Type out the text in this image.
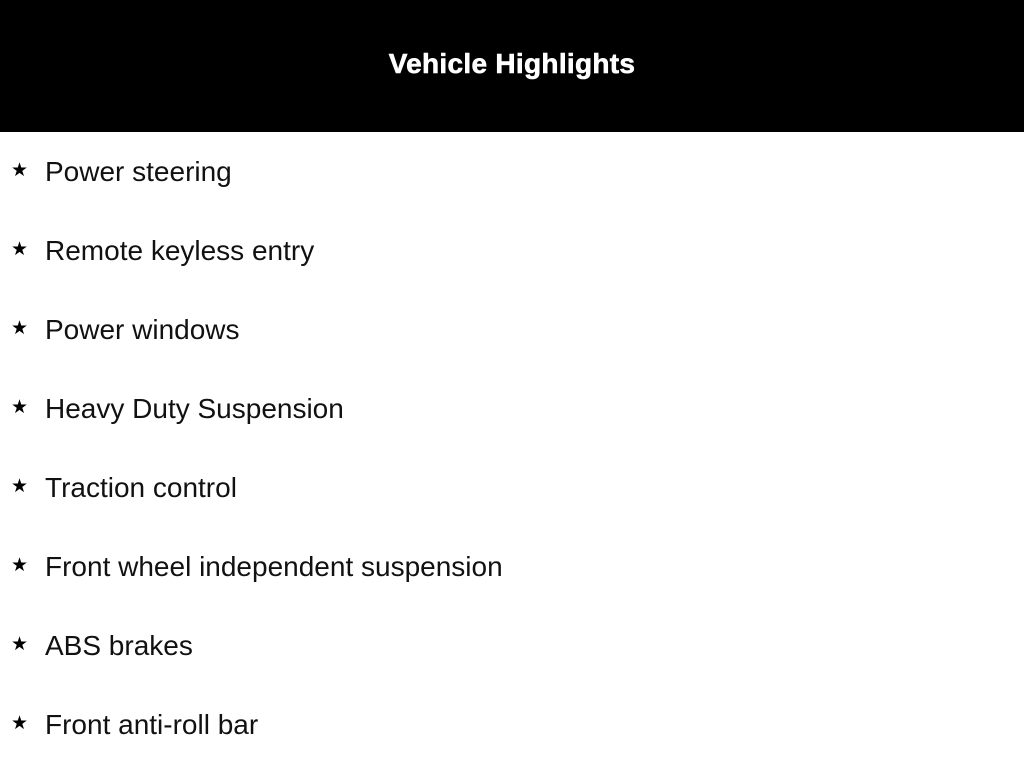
Vehicle Highlights
★ Power steering
★ Remote keyless entry
★ Power windows
★ Heavy Duty Suspension
★ Traction control
★ Front wheel independent suspension
★ ABS brakes
★ Front anti-roll bar
